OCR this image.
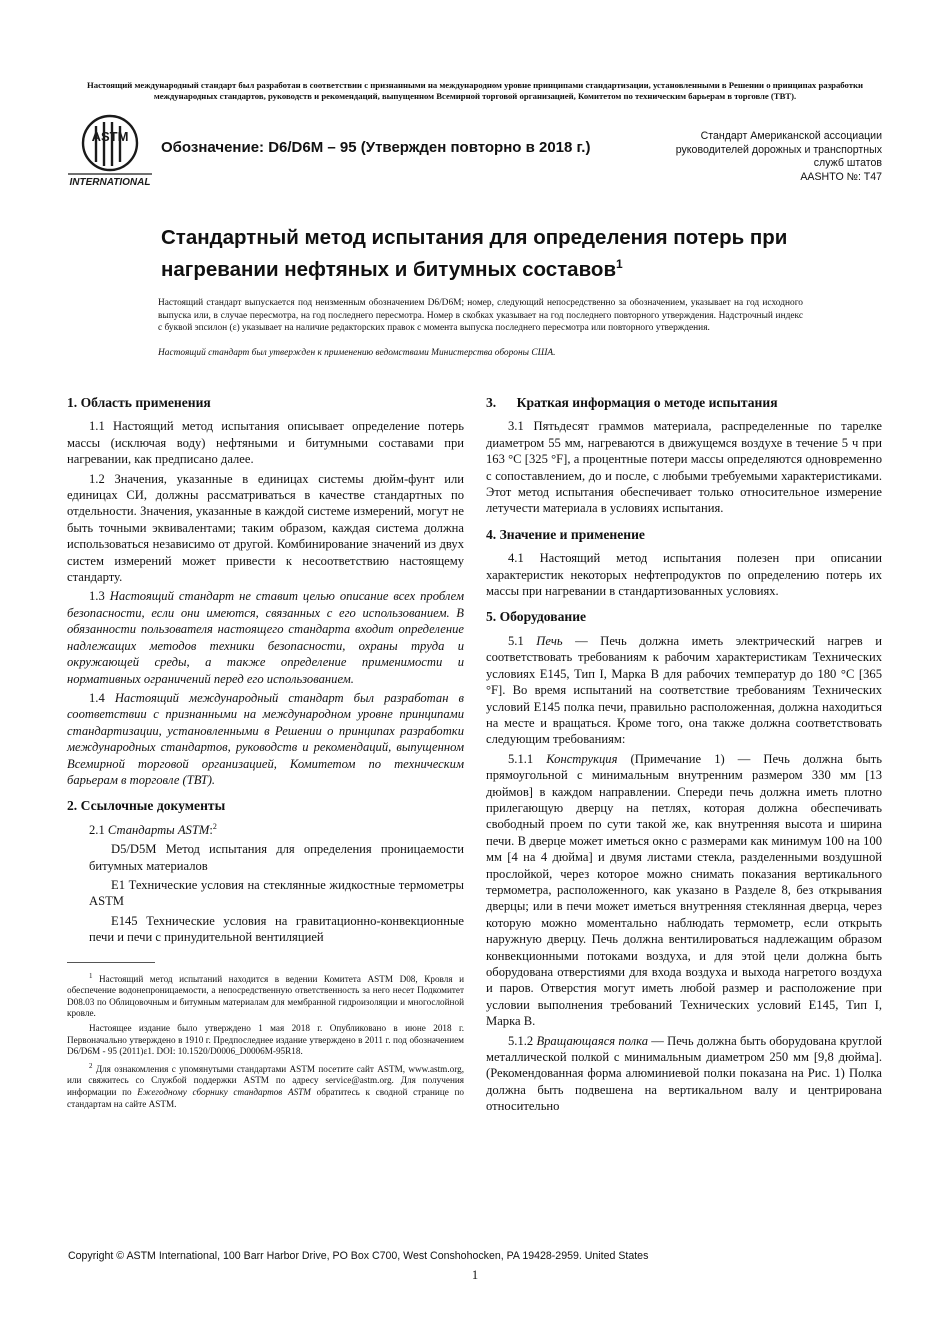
Настоящий международный стандарт был разработан в соответствии с признанными на международном уровне принципами стандартизации, установленными в Решении о принципах разработки международных стандартов, руководств и рекомендаций, выпущенном Всемирной торговой организацией, Комитетом по техническим барьерам в торговле (ТВТ).
ASTM
INTERNATIONAL
Обозначение: D6/D6M – 95 (Утвержден повторно в 2018 г.)
Стандарт Американской ассоциации
руководителей дорожных и транспортных
служб штатов
AASHTO №: T47
Стандартный метод испытания для определения потерь при нагревании нефтяных и битумных составов$^1$

Настоящий стандарт выпускается под неизменным обозначением D6/D6M; номер, следующий непосредственно за обозначением, указывает на год исходного выпуска или, в случае пересмотра, на год последнего пересмотра. Номер в скобках указывает на год последнего повторного утверждения. Надстрочный индекс с буквой эпсилон (ε) указывает на наличие редакторских правок с момента выпуска последнего пересмотра или повторного утверждения.

Настоящий стандарт был утвержден к применению ведомствами Министерства обороны США.

1. Область применения

1.1 Настоящий метод испытания описывает определение потерь массы (исключая воду) нефтяными и битумными составами при нагревании, как предписано далее.

1.2 Значения, указанные в единицах системы дюйм-фунт или единицах СИ, должны рассматриваться в качестве стандартных по отдельности. Значения, указанные в каждой системе измерений, могут не быть точными эквивалентами; таким образом, каждая система должна использоваться независимо от другой. Комбинирование значений из двух систем измерений может привести к несоответствию настоящему стандарту.

1.3 Настоящий стандарт не ставит целью описание всех проблем безопасности, если они имеются, связанных с его использованием. В обязанности пользователя настоящего стандарта входит определение надлежащих методов техники безопасности, охраны труда и окружающей среды, а также определение применимости и нормативных ограничений перед его использованием.

1.4 Настоящий международный стандарт был разработан в соответствии с признанными на международном уровне принципами стандартизации, установленными в Решении о принципах разработки международных стандартов, руководств и рекомендаций, выпущенном Всемирной торговой организацией, Комитетом по техническим барьерам в торговле (ТВТ).

2. Ссылочные документы

2.1 Стандарты ASTM:$^2$

D5/D5M Метод испытания для определения проницаемости битумных материалов

E1 Технические условия на стеклянные жидкостные термометры ASTM

E145 Технические условия на гравитационно-конвекционные печи и печи с принудительной вентиляцией

$^1$ Настоящий метод испытаний находится в ведении Комитета ASTM D08, Кровля и обеспечение водонепроницаемости, а непосредственную ответственность за него несет Подкомитет D08.03 по Облицовочным и битумным материалам для мембранной гидроизоляции и многослойной кровле.

Настоящее издание было утверждено 1 мая 2018 г. Опубликовано в июне 2018 г. Первоначально утверждено в 1910 г. Предпоследнее издание утверждено в 2011 г. под обозначением D6/D6M - 95 (2011)ε1. DOI: 10.1520/D0006_D0006M-95R18.

$^2$ Для ознакомления с упомянутыми стандартами ASTM посетите сайт ASTM, www.astm.org, или свяжитесь со Службой поддержки ASTM по адресу service@astm.org. Для получения информации по Ежегодному сборнику стандартов ASTM обратитесь к сводной странице по стандартам на сайте ASTM.

3.      Краткая информация о методе испытания

3.1 Пятьдесят граммов материала, распределенные по тарелке диаметром 55 мм, нагреваются в движущемся воздухе в течение 5 ч при 163 °C [325 °F], а процентные потери массы определяются одновременно с сопоставлением, до и после, с любыми требуемыми характеристиками. Этот метод испытания обеспечивает только относительное измерение летучести материала в условиях испытания.

4. Значение и применение

4.1 Настоящий метод испытания полезен при описании характеристик некоторых нефтепродуктов по определению потерь их массы при нагревании в стандартизованных условиях.

5. Оборудование

5.1 Печь — Печь должна иметь электрический нагрев и соответствовать требованиям к рабочим характеристикам Технических условиях E145, Тип I, Марка B для рабочих температур до 180 °C [365 °F]. Во время испытаний на соответствие требованиям Технических условий E145 полка печи, правильно расположенная, должна находиться на месте и вращаться. Кроме того, она также должна соответствовать следующим требованиям:

5.1.1 Конструкция (Примечание 1) — Печь должна быть прямоугольной с минимальным внутренним размером 330 мм [13 дюймов] в каждом направлении. Спереди печь должна иметь плотно прилегающую дверцу на петлях, которая должна обеспечивать свободный проем по сути такой же, как внутренняя высота и ширина печи. В дверце может иметься окно с размерами как минимум 100 на 100 мм [4 на 4 дюйма] и двумя листами стекла, разделенными воздушной прослойкой, через которое можно снимать показания вертикального термометра, расположенного, как указано в Разделе 8, без открывания дверцы; или в печи может иметься внутренняя стеклянная дверца, через которую можно моментально наблюдать термометр, если открыть наружную дверцу. Печь должна вентилироваться надлежащим образом конвекционными потоками воздуха, и для этой цели должна быть оборудована отверстиями для входа воздуха и выхода нагретого воздуха и паров. Отверстия могут иметь любой размер и расположение при условии выполнения требований Технических условий E145, Тип I, Марка B.

5.1.2 Вращающаяся полка — Печь должна быть оборудована круглой металлической полкой с минимальным диаметром 250 мм [9,8 дюйма]. (Рекомендованная форма алюминиевой полки показана на Рис. 1) Полка должна быть подвешена на вертикальном валу и центрирована относительно

Copyright © ASTM International, 100 Barr Harbor Drive, PO Box C700, West Conshohocken, PA 19428-2959. United States
1
